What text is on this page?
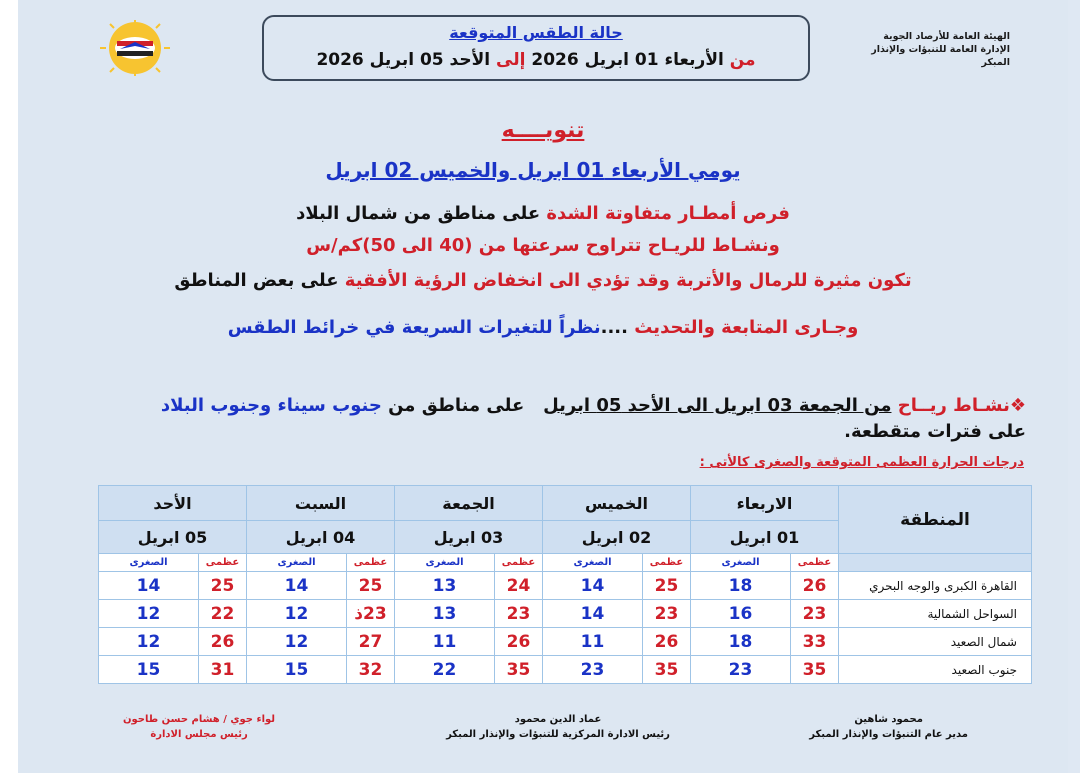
حالة الطقس المتوقعة
من الأربعاء 01 ابريل 2026 إلى الأحد 05 ابريل 2026
الهيئة العامة للأرصاد الجوية
الإدارة العامة للتنبؤات والإنذار المبكر
تنويــــه
يومي الأربعاء 01 ابريل والخميس 02 ابريل
فرص أمطـار متفاوتة الشدة على مناطق من شمال البلاد
ونشـاط للريـاح تتراوح سرعتها من (40 الى 50)كم/س
تكون مثيرة للرمال والأتربة وقد تؤدي الى انخفاض الرؤية الأفقية على بعض المناطق
وجـارى المتابعة والتحديث ....نظراً للتغيرات السريعة في خرائط الطقس
❖نشـاط ريــاح من الجمعة 03 ابريل الى الأحد 05 ابريل   على مناطق من جنوب سيناء وجنوب البلاد
على فترات متقطعة.
درجات الحرارة العظمى المتوقعة والصغرى كالأتى :
المنطقة	الاربعاء		الخميس		الجمعة		السبت		الأحد	
	01 ابريل		02 ابريل		03 ابريل		04 ابريل		05 ابريل	
	عظمى	الصغرى	عظمى	الصغرى	عظمى	الصغرى	عظمى	الصغرى	عظمى	الصغرى
القاهرة الكبرى والوجه البحري	26	18	25	14	24	13	25	14	25	14
السواحل الشمالية	23	16	23	14	23	13	23ذ	12	22	12
شمال الصعيد	33	18	26	11	26	11	27	12	26	12
جنوب الصعيد	35	23	35	23	35	22	32	15	31	15
محمود شاهين
مدير عام التنبؤات والإنذار المبكر
عماد الدين محمود
رئيس الادارة المركزية للتنبؤات والإنذار المبكر
لواء جوي / هشام حسن طاحون
رئيس مجلس الادارة
